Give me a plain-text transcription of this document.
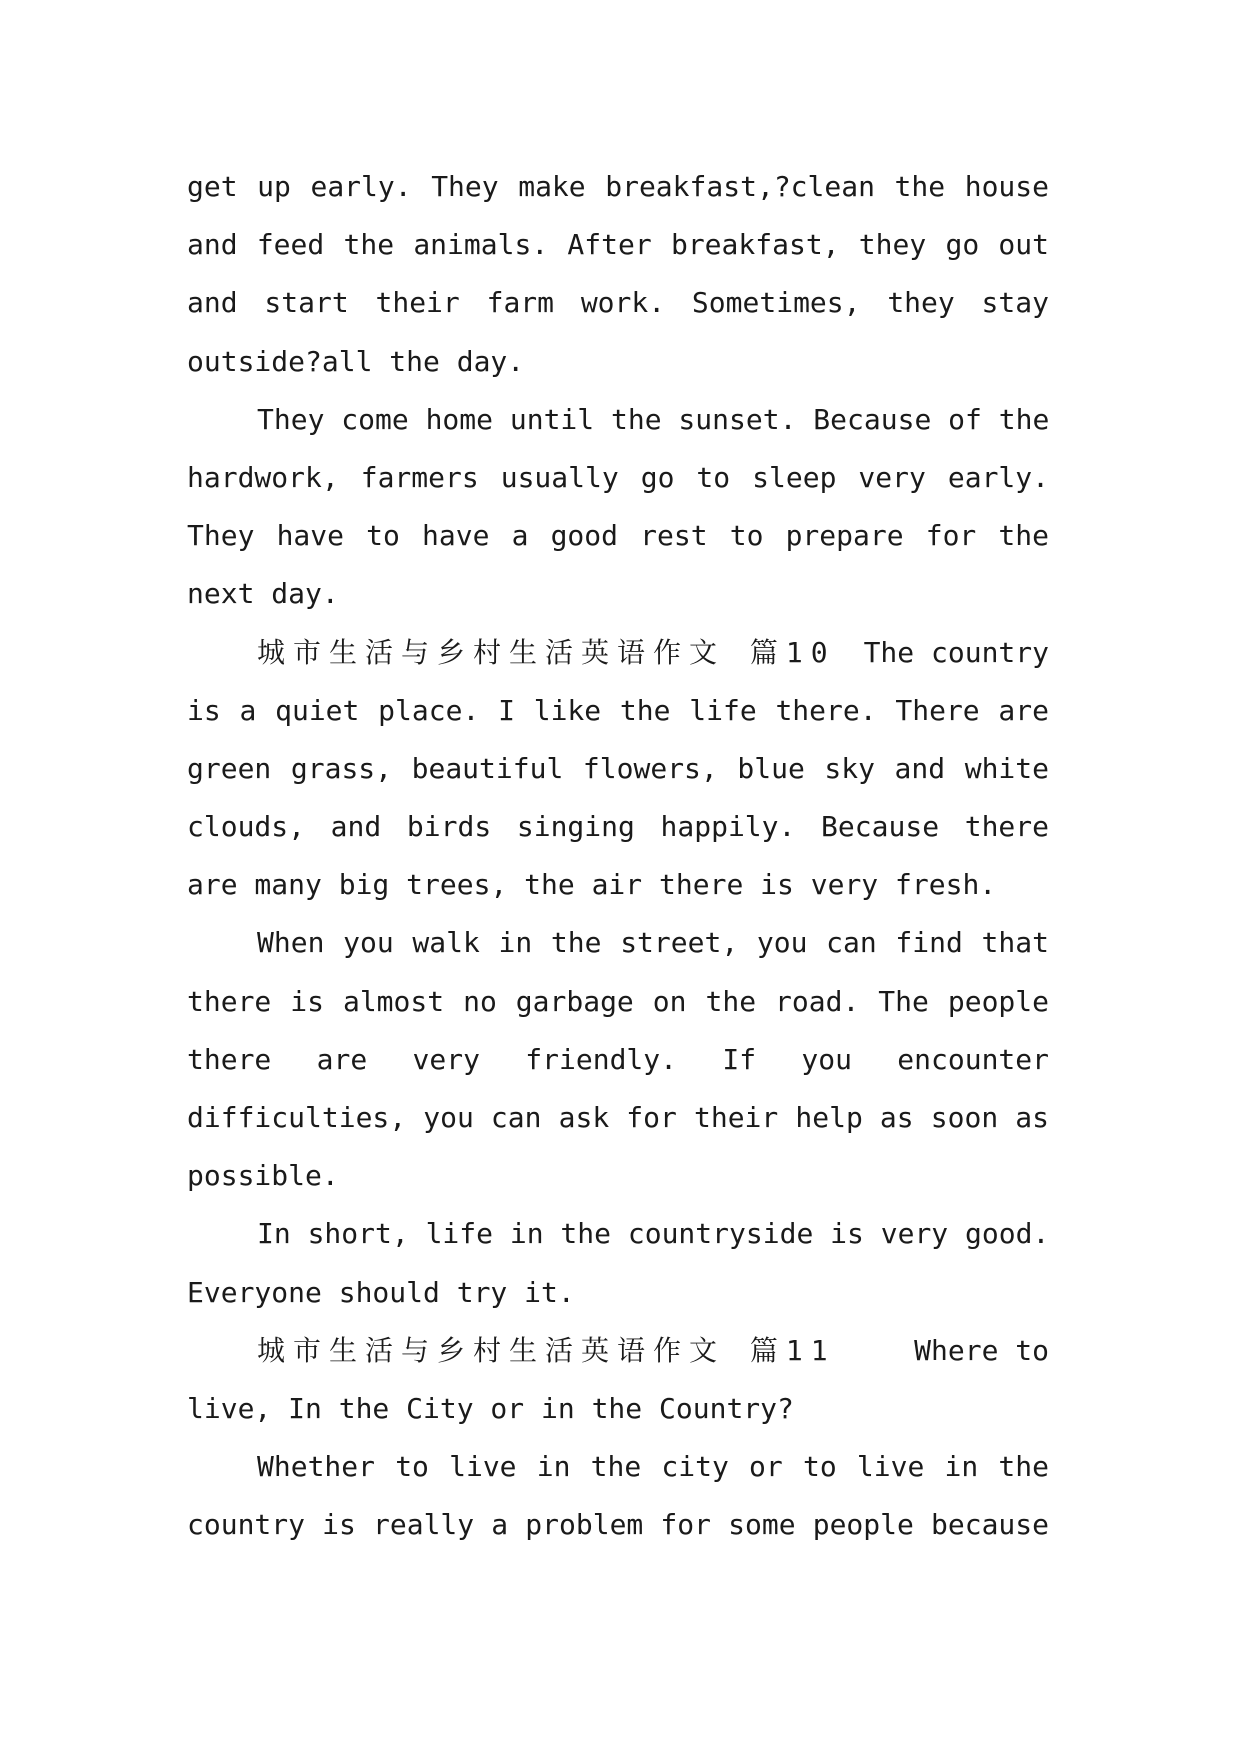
get up early. They make breakfast,?clean the house
and feed the animals. After breakfast, they go out
and start their farm work. Sometimes, they stay
outside?all the day.
They come home until the sunset. Because of the
hardwork, farmers usually go to sleep very early.
They have to have a good rest to prepare for the
next day.
城市生活与乡村生活英语作文 篇10 The country
is a quiet place. I like the life there. There are
green grass, beautiful flowers, blue sky and white
clouds, and birds singing happily. Because there
are many big trees, the air there is very fresh.
When you walk in the street, you can find that
there is almost no garbage on the road. The people
there are very friendly. If you encounter
difficulties, you can ask for their help as soon as
possible.
In short, life in the countryside is very good.
Everyone should try it.
城市生活与乡村生活英语作文 篇11	Where to
live, In the City or in the Country?
Whether to live in the city or to live in the
country is really a problem for some people because
